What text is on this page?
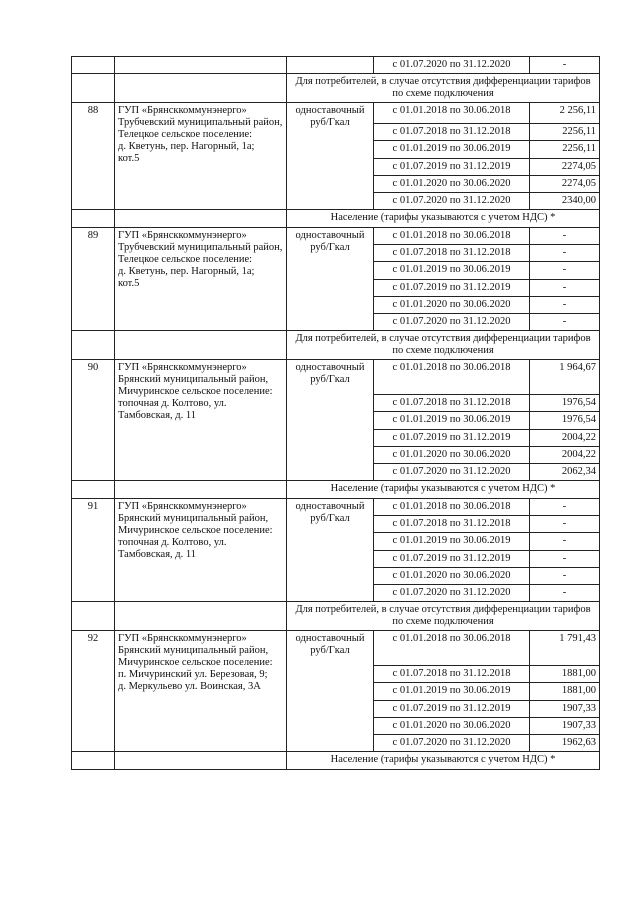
			с 01.07.2020 по 31.12.2020	-
		Для потребителей, в случае отсутствия дифференциации тарифов по схеме подключения		
88	ГУП «Брянсккоммунэнерго»
Трубчевский муниципальный район,
Телецкое сельское поселение:
д. Кветунь, пер. Нагорный, 1а;
кот.5	одноставочный руб/Гкал	с 01.01.2018 по 30.06.2018	2 256,11
			с 01.07.2018 по 31.12.2018	2256,11
			с 01.01.2019 по 30.06.2019	2256,11
			с 01.07.2019 по 31.12.2019	2274,05
			с 01.01.2020 по 30.06.2020	2274,05
			с 01.07.2020 по 31.12.2020	2340,00
		Население (тарифы указываются с учетом НДС) *		
89	ГУП «Брянсккоммунэнерго»
Трубчевский муниципальный район,
Телецкое сельское поселение:
д. Кветунь, пер. Нагорный, 1а;
кот.5	одноставочный руб/Гкал	с 01.01.2018 по 30.06.2018	-
			с 01.07.2018 по 31.12.2018	-
			с 01.01.2019 по 30.06.2019	-
			с 01.07.2019 по 31.12.2019	-
			с 01.01.2020 по 30.06.2020	-
			с 01.07.2020 по 31.12.2020	-
		Для потребителей, в случае отсутствия дифференциации тарифов по схеме подключения		
90	ГУП «Брянсккоммунэнерго»
Брянский муниципальный район,
Мичуринское сельское поселение:
топочная д. Колтово, ул.
Тамбовская, д. 11	одноставочный руб/Гкал	с 01.01.2018 по 30.06.2018	1 964,67
			с 01.07.2018 по 31.12.2018	1976,54
			с 01.01.2019 по 30.06.2019	1976,54
			с 01.07.2019 по 31.12.2019	2004,22
			с 01.01.2020 по 30.06.2020	2004,22
			с 01.07.2020 по 31.12.2020	2062,34
		Население (тарифы указываются с учетом НДС) *		
91	ГУП «Брянсккоммунэнерго»
Брянский муниципальный район,
Мичуринское сельское поселение:
топочная д. Колтово, ул.
Тамбовская, д. 11	одноставочный руб/Гкал	с 01.01.2018 по 30.06.2018	-
			с 01.07.2018 по 31.12.2018	-
			с 01.01.2019 по 30.06.2019	-
			с 01.07.2019 по 31.12.2019	-
			с 01.01.2020 по 30.06.2020	-
			с 01.07.2020 по 31.12.2020	-
		Для потребителей, в случае отсутствия дифференциации тарифов по схеме подключения		
92	ГУП «Брянсккоммунэнерго»
Брянский муниципальный район,
Мичуринское сельское поселение:
п. Мичуринский ул. Березовая, 9;
д. Меркульево ул. Воинская, 3А	одноставочный руб/Гкал	с 01.01.2018 по 30.06.2018	1 791,43
			с 01.07.2018 по 31.12.2018	1881,00
			с 01.01.2019 по 30.06.2019	1881,00
			с 01.07.2019 по 31.12.2019	1907,33
			с 01.01.2020 по 30.06.2020	1907,33
			с 01.07.2020 по 31.12.2020	1962,63
		Население (тарифы указываются с учетом НДС) *		
